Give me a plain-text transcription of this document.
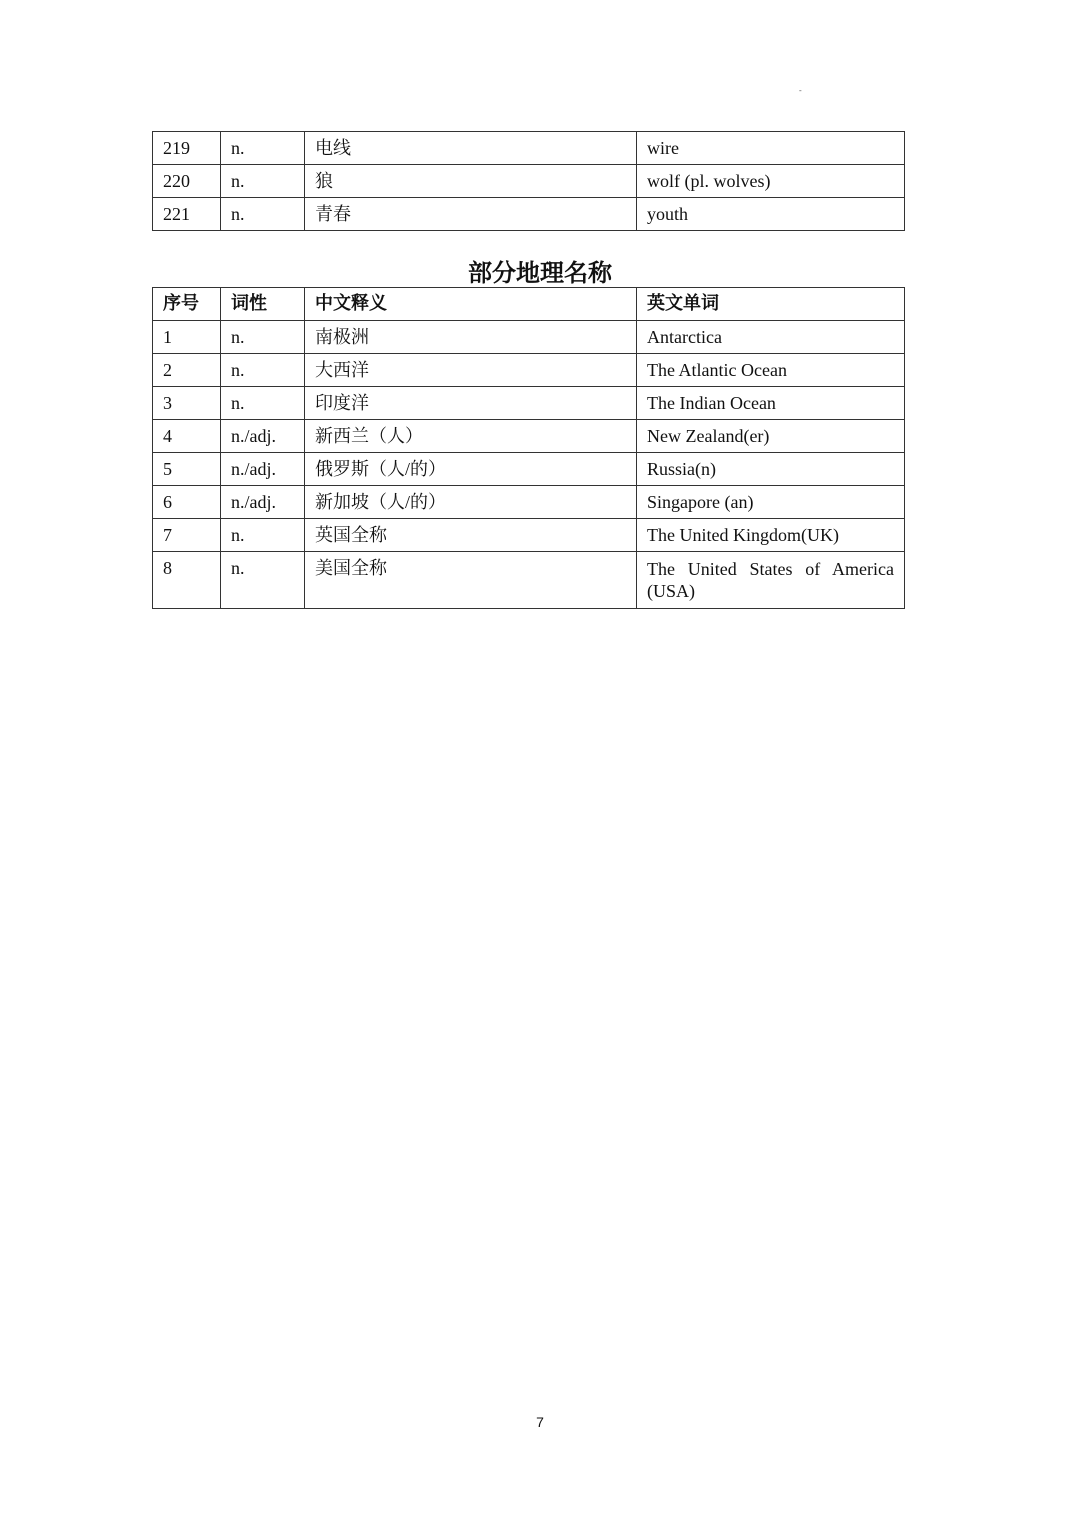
-
219	n.	电线	wire
220	n.	狼	wolf (pl. wolves)
221	n.	青春	youth
部分地理名称
序号	词性	中文释义	英文单词
1	n.	南极洲	Antarctica
2	n.	大西洋	The Atlantic Ocean
3	n.	印度洋	The Indian Ocean
4	n./adj.	新西兰（人）	New Zealand(er)
5	n./adj.	俄罗斯（人/的）	Russia(n)
6	n./adj.	新加坡（人/的）	Singapore (an)
7	n.	英国全称	The United Kingdom(UK)
8	n.	美国全称	The United States of America (USA)
7
